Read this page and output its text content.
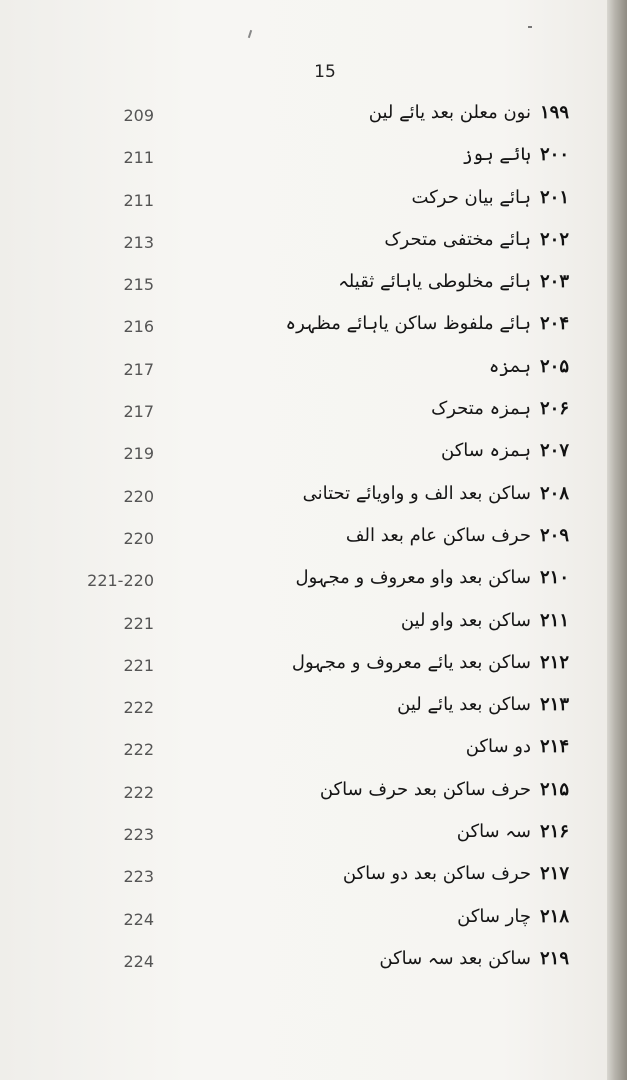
15
209	نون معلن بعد یائے لین ۱۹۹
211	ہائے ہوز ۲۰۰
211	ہائے بیان حرکت ۲۰۱
213	ہائے مختفی متحرک ۲۰۲
215	ہائے مخلوطی یاہائے ثقیلہ ۲۰۳
216	ہائے ملفوظ ساکن یاہائے مظہرہ ۲۰۴
217	ہمزہ ۲۰۵
217	ہمزہ متحرک ۲۰۶
219	ہمزہ ساکن ۲۰۷
220	ساکن بعد الف و واویائے تحتانی ۲۰۸
220	حرف ساکن عام بعد الف ۲۰۹
221-220	ساکن بعد واو معروف و مجہول ۲۱۰
221	ساکن بعد واو لین ۲۱۱
221	ساکن بعد یائے معروف و مجہول ۲۱۲
222	ساکن بعد یائے لین ۲۱۳
222	دو ساکن ۲۱۴
222	حرف ساکن بعد حرف ساکن ۲۱۵
223	سہ ساکن ۲۱۶
223	حرف ساکن بعد دو ساکن ۲۱۷
224	چار ساکن ۲۱۸
224	ساکن بعد سہ ساکن ۲۱۹
